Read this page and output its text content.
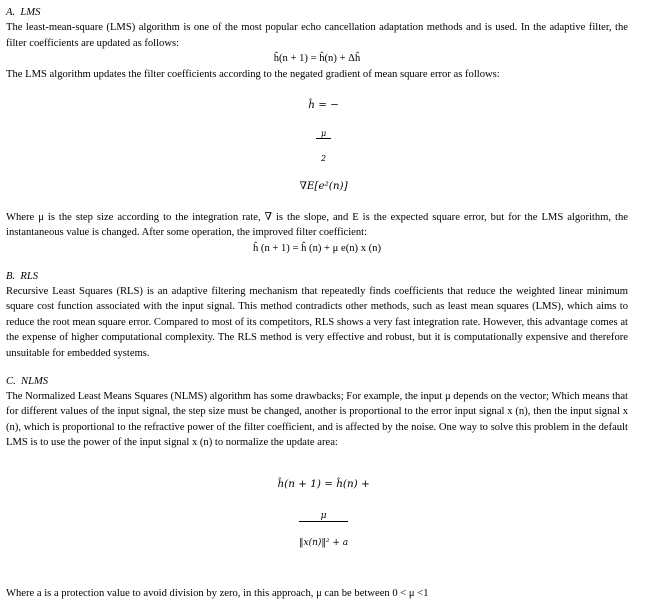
A.  LMS

The least-mean-square (LMS) algorithm is one of the most popular echo cancellation adaptation methods and is used. In the adaptive filter, the filter coefficients are updated as follows:

ĥ(n + 1) = ĥ(n) + Δĥ

The LMS algorithm updates the filter coefficients according to the negated gradient of mean square error as follows:

ĥ = −

$\frac{\mu}{2}$

∇E[e²(n)]

Where μ is the step size according to the integration rate, ∇ is the slope, and E is the expected square error, but for the LMS algorithm, the instantaneous value is changed. After some operation, the improved filter coefficient:

ĥ (n + 1) = ĥ (n) + μ e(n) x (n)
B.  RLS

Recursive Least Squares (RLS) is an adaptive filtering mechanism that repeatedly finds coefficients that reduce the weighted linear minimum square cost function associated with the input signal. This method contradicts other methods, such as least mean squares (LMS), which aims to reduce the root mean square error. Compared to most of its competitors, RLS shows a very fast integration rate. However, this advantage comes at the expense of higher computational complexity. The RLS method is very effective and robust, but it is computationally expensive and therefore unsuitable for embedded systems.

C.  NLMS

The Normalized Least Means Squares (NLMS) algorithm has some drawbacks; For example, the input μ depends on the vector; Which means that for different values of the input signal, the step size must be changed, another is proportional to the error input signal x (n), then the input signal x (n), which is proportional to the refractive power of the filter coefficient, and is affected by the noise. One way to solve this problem in the default LMS is to use the power of the input signal x (n) to normalize the update area:

ĥ(n + 1) = ĥ(n) +

$\frac{\mu}{\text{‖x(n)‖² + a}}$

Where a is a protection value to avoid division by zero, in this approach, μ can be between 0 < μ <1
